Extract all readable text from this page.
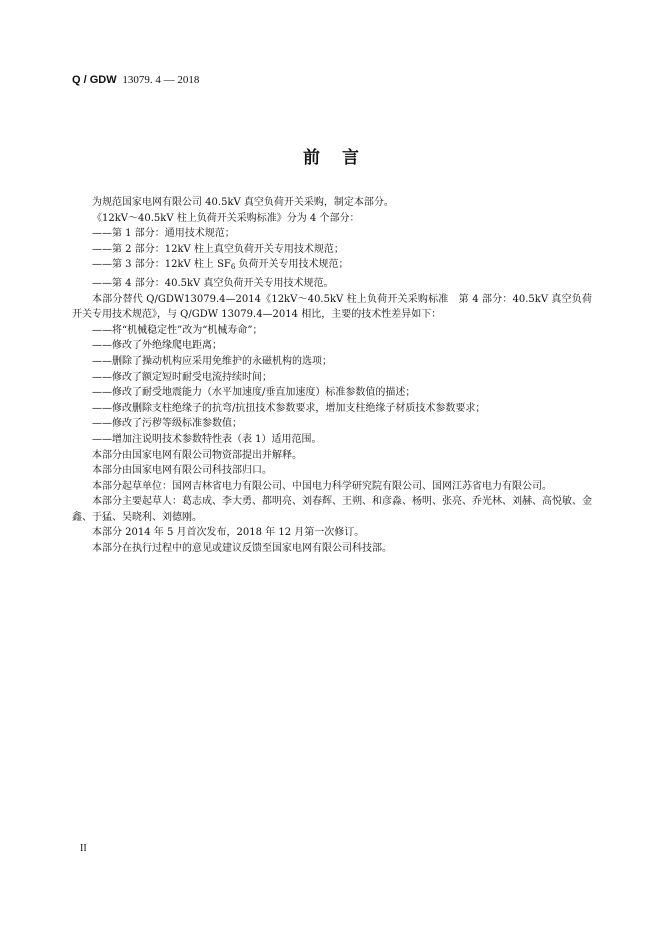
Q / GDW 13079. 4 — 2018
前言

为规范国家电网有限公司 40.5kV 真空负荷开关采购，制定本部分。

《12kV～40.5kV 柱上负荷开关采购标准》分为 4 个部分：

——第 1 部分：通用技术规范；

——第 2 部分：12kV 柱上真空负荷开关专用技术规范；

——第 3 部分：12kV 柱上 $SF_6$ 负荷开关专用技术规范；

——第 4 部分：40.5kV 真空负荷开关专用技术规范。

本部分替代 Q/GDW13079.4—2014《12kV～40.5kV 柱上负荷开关采购标准　第 4 部分：40.5kV 真空负荷开关专用技术规范》，与 Q/GDW 13079.4—2014 相比，主要的技术性差异如下：

——将“机械稳定性”改为“机械寿命”；

——修改了外绝缘爬电距离；

——删除了操动机构应采用免维护的永磁机构的选项；

——修改了额定短时耐受电流持续时间；

——修改了耐受地震能力（水平加速度/垂直加速度）标准参数值的描述；

——修改删除支柱绝缘子的抗弯/抗扭技术参数要求，增加支柱绝缘子材质技术参数要求；

——修改了污秽等级标准参数值；

——增加注说明技术参数特性表（表 1）适用范围。

本部分由国家电网有限公司物资部提出并解释。

本部分由国家电网有限公司科技部归口。

本部分起草单位：国网吉林省电力有限公司、中国电力科学研究院有限公司、国网江苏省电力有限公司。

本部分主要起草人：葛志成、李大勇、都明亮、刘春辉、王朔、和彦淼、杨明、张亮、乔光林、刘赫、高悦敏、金鑫、于猛、吴晓利、刘德刚。

本部分 2014 年 5 月首次发布，2018 年 12 月第一次修订。

本部分在执行过程中的意见或建议反馈至国家电网有限公司科技部。

II
